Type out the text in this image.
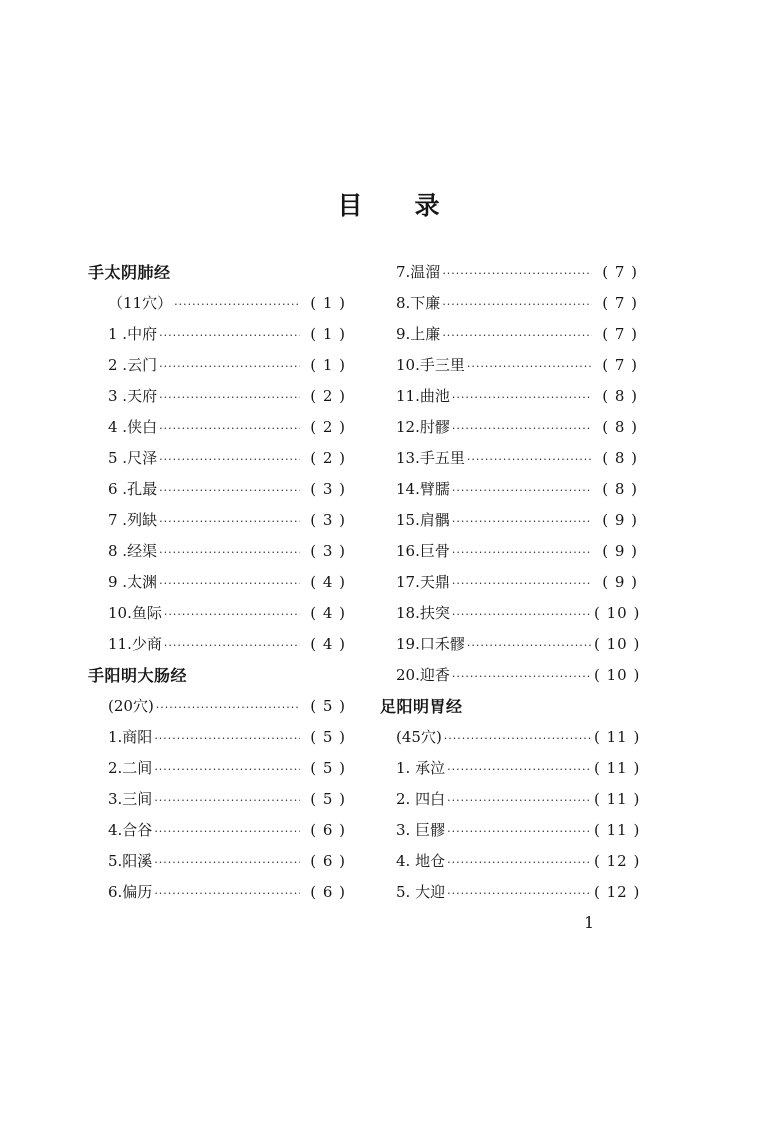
目 录
手太阴肺经
（11穴） ·····	( 1 )
1 .中府 ·····	( 1 )
2 .云门 ·····	( 1 )
3 .天府 ·····	( 2 )
4 .侠白 ·····	( 2 )
5 .尺泽 ·····	( 2 )
6 .孔最 ·····	( 3 )
7 .列缺 ·····	( 3 )
8 .经渠 ·····	( 3 )
9 .太渊 ·····	( 4 )
10.鱼际 ·····	( 4 )
11.少商 ·····	( 4 )
手阳明大肠经
(20穴) ·····	( 5 )
1.商阳 ·····	( 5 )
2.二间 ·····	( 5 )
3.三间 ·····	( 5 )
4.合谷 ·····	( 6 )
5.阳溪 ·····	( 6 )
6.偏历 ·····	( 6 )
7.温溜 ·····	( 7 )
8.下廉 ·····	( 7 )
9.上廉 ·····	( 7 )
10.手三里 ·····	( 7 )
11.曲池 ·····	( 8 )
12.肘髎 ·····	( 8 )
13.手五里 ·····	( 8 )
14.臂臑 ·····	( 8 )
15.肩髃 ·····	( 9 )
16.巨骨 ·····	( 9 )
17.天鼎 ·····	( 9 )
18.扶突 ·····	( 10 )
19.口禾髎 ·····	( 10 )
20.迎香 ·····	( 10 )
足阳明胃经
(45穴) ·····	( 11 )
1. 承泣 ·····	( 11 )
2. 四白 ·····	( 11 )
3. 巨髎 ·····	( 11 )
4. 地仓 ·····	( 12 )
5. 大迎 ·····	( 12 )
1
